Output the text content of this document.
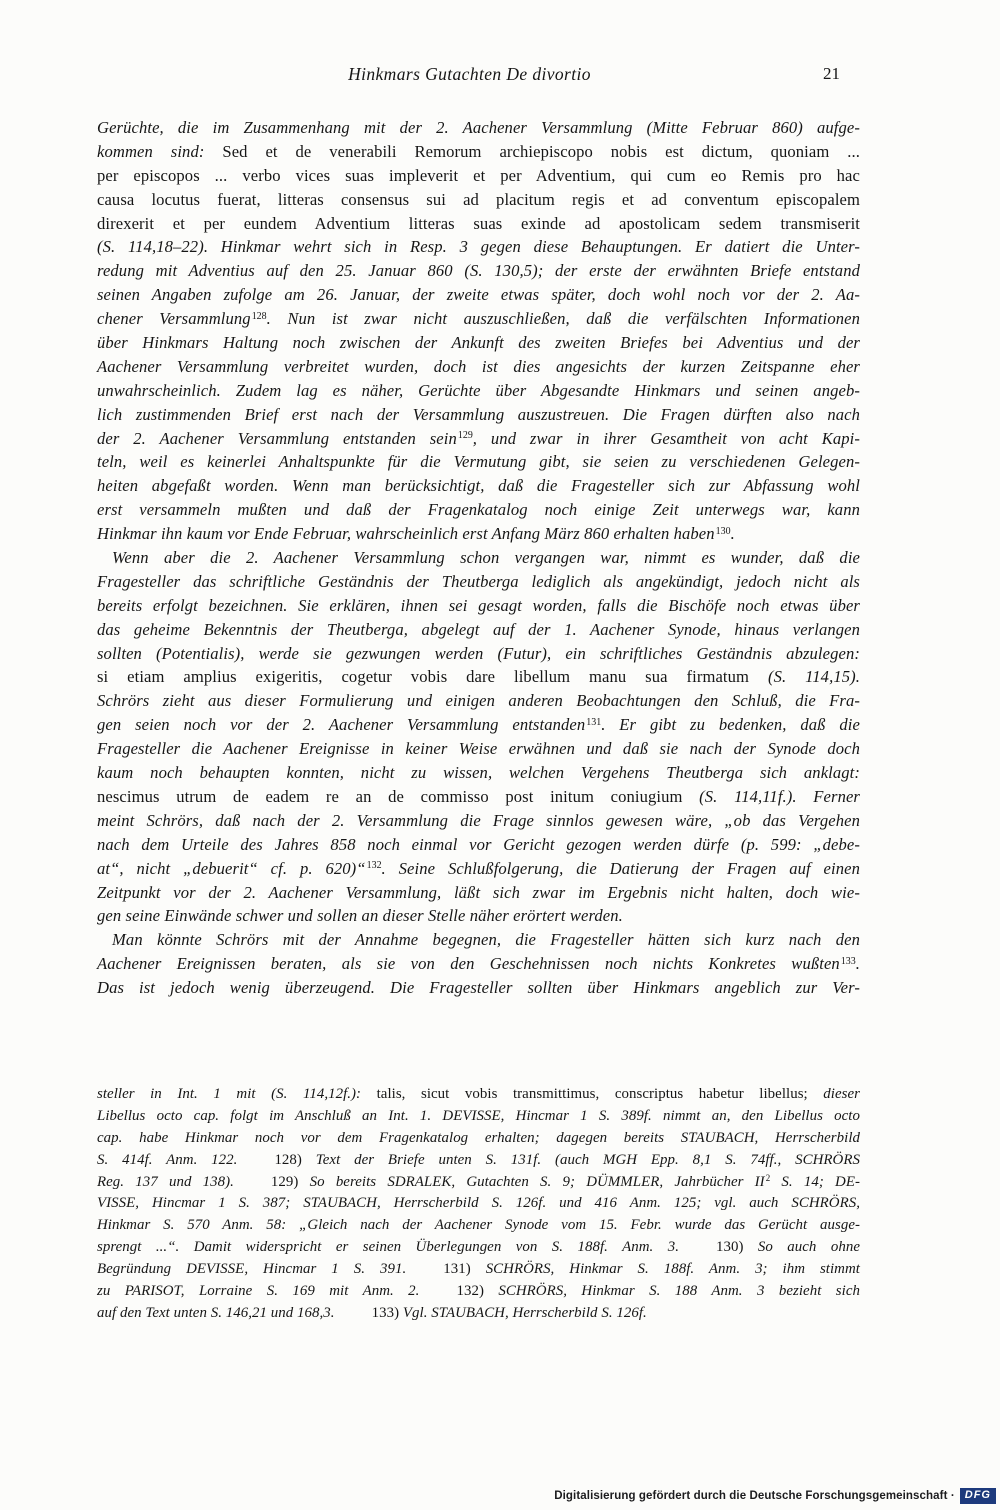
Hinkmars Gutachten De divortio	21
Gerüchte, die im Zusammenhang mit der 2. Aachener Versammlung (Mitte Februar 860) aufge-
kommen sind: Sed et de venerabili Remorum archiepiscopo nobis est dictum, quoniam ...
per episcopos ... verbo vices suas impleverit et per Adventium, qui cum eo Remis pro hac
causa locutus fuerat, litteras consensus sui ad placitum regis et ad conventum episcopalem
direxerit et per eundem Adventium litteras suas exinde ad apostolicam sedem transmiserit
(S. 114,18–22). Hinkmar wehrt sich in Resp. 3 gegen diese Behauptungen. Er datiert die Unter-
redung mit Adventius auf den 25. Januar 860 (S. 130,5); der erste der erwähnten Briefe entstand
seinen Angaben zufolge am 26. Januar, der zweite etwas später, doch wohl noch vor der 2. Aa-
chener Versammlung$^{128}$. Nun ist zwar nicht auszuschließen, daß die verfälschten Informationen
über Hinkmars Haltung noch zwischen der Ankunft des zweiten Briefes bei Adventius und der
Aachener Versammlung verbreitet wurden, doch ist dies angesichts der kurzen Zeitspanne eher
unwahrscheinlich. Zudem lag es näher, Gerüchte über Abgesandte Hinkmars und seinen angeb-
lich zustimmenden Brief erst nach der Versammlung auszustreuen. Die Fragen dürften also nach
der 2. Aachener Versammlung entstanden sein$^{129}$, und zwar in ihrer Gesamtheit von acht Kapi-
teln, weil es keinerlei Anhaltspunkte für die Vermutung gibt, sie seien zu verschiedenen Gelegen-
heiten abgefaßt worden. Wenn man berücksichtigt, daß die Fragesteller sich zur Abfassung wohl
erst versammeln mußten und daß der Fragenkatalog noch einige Zeit unterwegs war, kann
Hinkmar ihn kaum vor Ende Februar, wahrscheinlich erst Anfang März 860 erhalten haben$^{130}$.
Wenn aber die 2. Aachener Versammlung schon vergangen war, nimmt es wunder, daß die
Fragesteller das schriftliche Geständnis der Theutberga lediglich als angekündigt, jedoch nicht als
bereits erfolgt bezeichnen. Sie erklären, ihnen sei gesagt worden, falls die Bischöfe noch etwas über
das geheime Bekenntnis der Theutberga, abgelegt auf der 1. Aachener Synode, hinaus verlangen
sollten (Potentialis), werde sie gezwungen werden (Futur), ein schriftliches Geständnis abzulegen:
si etiam amplius exigeritis, cogetur vobis dare libellum manu sua firmatum (S. 114,15).
Schrörs zieht aus dieser Formulierung und einigen anderen Beobachtungen den Schluß, die Fra-
gen seien noch vor der 2. Aachener Versammlung entstanden$^{131}$. Er gibt zu bedenken, daß die
Fragesteller die Aachener Ereignisse in keiner Weise erwähnen und daß sie nach der Synode doch
kaum noch behaupten konnten, nicht zu wissen, welchen Vergehens Theutberga sich anklagt:
nescimus utrum de eadem re an de commisso post initum coniugium (S. 114,11f.). Ferner
meint Schrörs, daß nach der 2. Versammlung die Frage sinnlos gewesen wäre, „ob das Vergehen
nach dem Urteile des Jahres 858 noch einmal vor Gericht gezogen werden dürfe (p. 599: „debe-
at“, nicht „debuerit“ cf. p. 620)“$^{132}$. Seine Schlußfolgerung, die Datierung der Fragen auf einen
Zeitpunkt vor der 2. Aachener Versammlung, läßt sich zwar im Ergebnis nicht halten, doch wie-
gen seine Einwände schwer und sollen an dieser Stelle näher erörtert werden.
Man könnte Schrörs mit der Annahme begegnen, die Fragesteller hätten sich kurz nach den
Aachener Ereignissen beraten, als sie von den Geschehnissen noch nichts Konkretes wußten$^{133}$.
Das ist jedoch wenig überzeugend. Die Fragesteller sollten über Hinkmars angeblich zur Ver-
steller in Int. 1 mit (S. 114,12f.): talis, sicut vobis transmittimus, conscriptus habetur libellus; dieser
Libellus octo cap. folgt im Anschluß an Int. 1. DEVISSE, Hincmar 1 S. 389f. nimmt an, den Libellus octo
cap. habe Hinkmar noch vor dem Fragenkatalog erhalten; dagegen bereits STAUBACH, Herrscherbild
S. 414f. Anm. 122. 128) Text der Briefe unten S. 131f. (auch MGH Epp. 8,1 S. 74ff., SCHRÖRS
Reg. 137 und 138). 129) So bereits SDRALEK, Gutachten S. 9; DÜMMLER, Jahrbücher $II^2$ S. 14; DE-
VISSE, Hincmar 1 S. 387; STAUBACH, Herrscherbild S. 126f. und 416 Anm. 125; vgl. auch SCHRÖRS,
Hinkmar S. 570 Anm. 58: „Gleich nach der Aachener Synode vom 15. Febr. wurde das Gerücht ausge-
sprengt ...“. Damit widerspricht er seinen Überlegungen von S. 188f. Anm. 3. 130) So auch ohne
Begründung DEVISSE, Hincmar 1 S. 391. 131) SCHRÖRS, Hinkmar S. 188f. Anm. 3; ihm stimmt
zu PARISOT, Lorraine S. 169 mit Anm. 2. 132) SCHRÖRS, Hinkmar S. 188 Anm. 3 bezieht sich
auf den Text unten S. 146,21 und 168,3. 133) Vgl. STAUBACH, Herrscherbild S. 126f.
Digitalisierung gefördert durch die Deutsche Forschungsgemeinschaft · DFG
